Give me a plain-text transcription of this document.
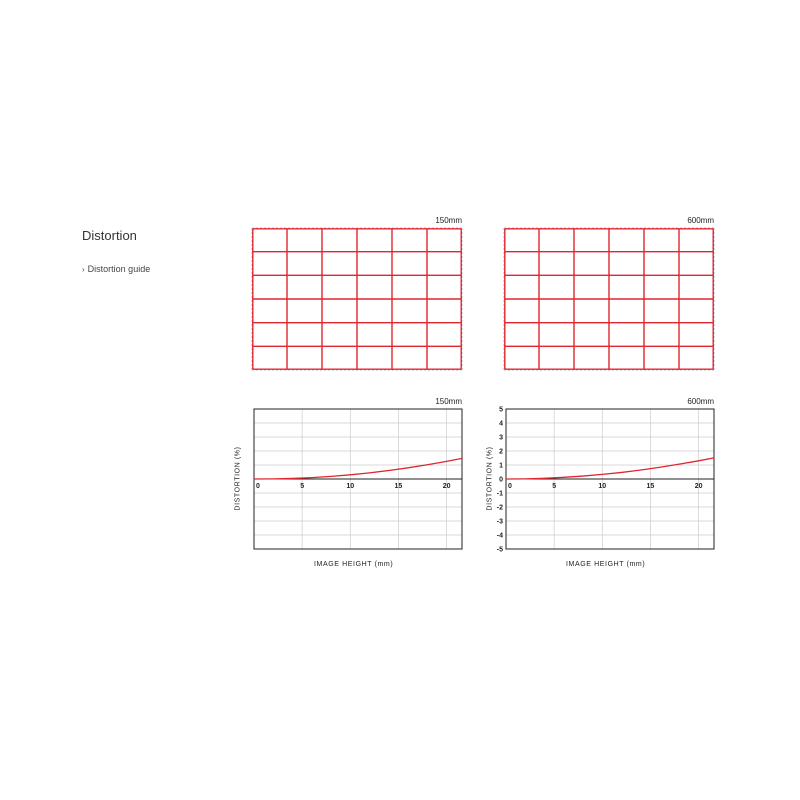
Distortion
› Distortion guide
150mm	600mm
150mm
0	5	10	15	20
IMAGE HEIGHT (mm)
DISTORTION (%)
600mm
0	5	10	15	20
5
4
3
2
1
0
-1
-2
-3
-4
-5
IMAGE HEIGHT (mm)
DISTORTION (%)
